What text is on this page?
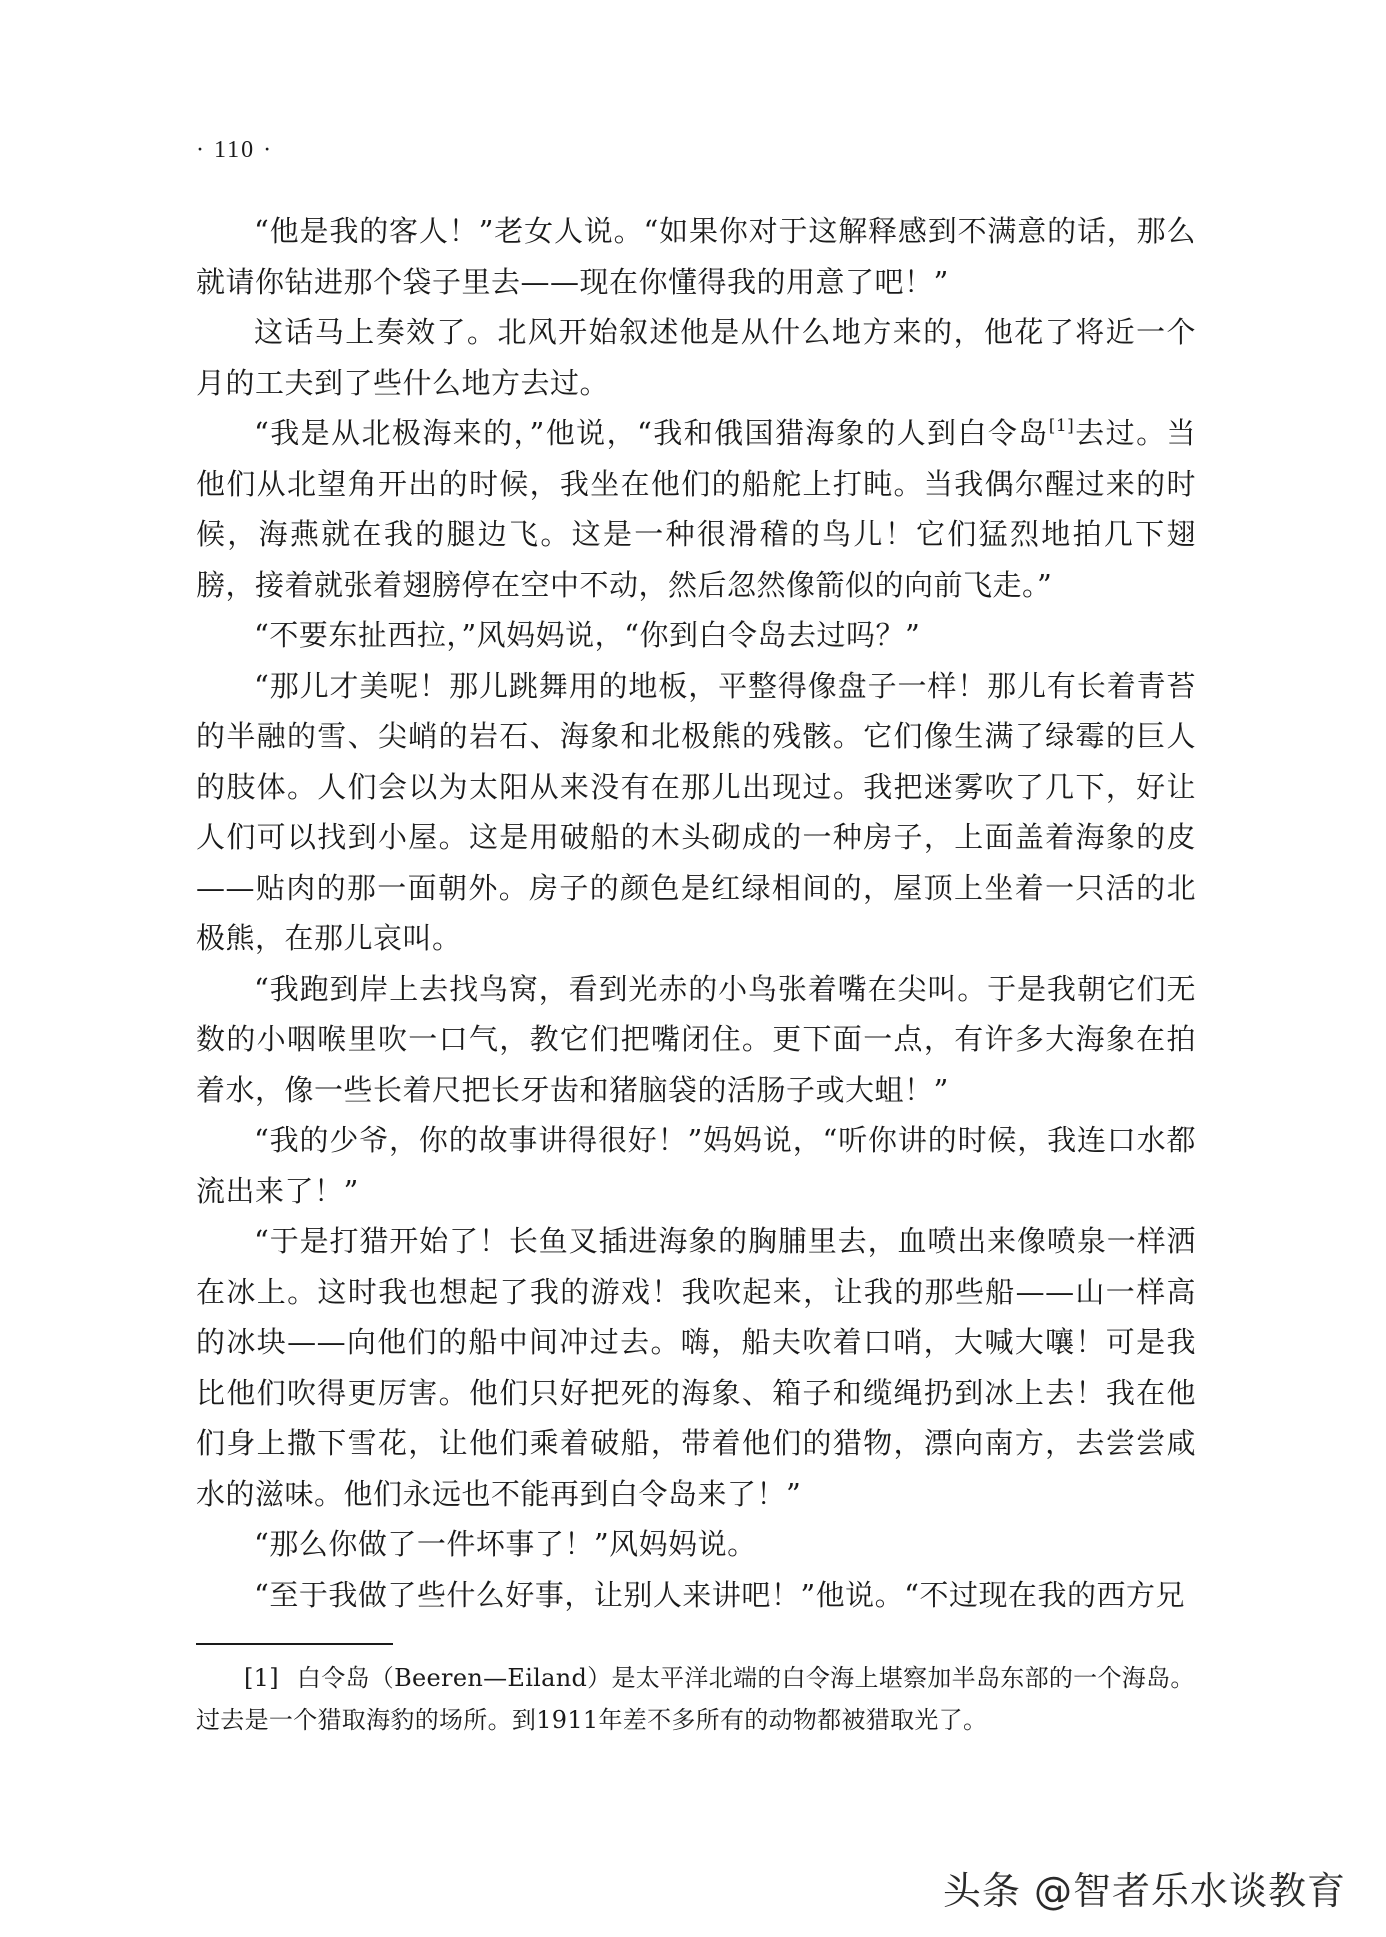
· 110 ·

“他是我的客人！”老女人说。“如果你对于这解释感到不满意的话，那么就请你钻进那个袋子里去——现在你懂得我的用意了吧！”

这话马上奏效了。北风开始叙述他是从什么地方来的，他花了将近一个月的工夫到了些什么地方去过。

“我是从北极海来的，”他说，“我和俄国猎海象的人到白令岛[1]去过。当他们从北望角开出的时候，我坐在他们的船舵上打盹。当我偶尔醒过来的时候，海燕就在我的腿边飞。这是一种很滑稽的鸟儿！它们猛烈地拍几下翅膀，接着就张着翅膀停在空中不动，然后忽然像箭似的向前飞走。”

“不要东扯西拉，”风妈妈说，“你到白令岛去过吗？”

“那儿才美呢！那儿跳舞用的地板，平整得像盘子一样！那儿有长着青苔的半融的雪、尖峭的岩石、海象和北极熊的残骸。它们像生满了绿霉的巨人的肢体。人们会以为太阳从来没有在那儿出现过。我把迷雾吹了几下，好让人们可以找到小屋。这是用破船的木头砌成的一种房子，上面盖着海象的皮——贴肉的那一面朝外。房子的颜色是红绿相间的，屋顶上坐着一只活的北极熊，在那儿哀叫。

“我跑到岸上去找鸟窝，看到光赤的小鸟张着嘴在尖叫。于是我朝它们无数的小咽喉里吹一口气，教它们把嘴闭住。更下面一点，有许多大海象在拍着水，像一些长着尺把长牙齿和猪脑袋的活肠子或大蛆！”

“我的少爷，你的故事讲得很好！”妈妈说，“听你讲的时候，我连口水都流出来了！”

“于是打猎开始了！长鱼叉插进海象的胸脯里去，血喷出来像喷泉一样洒在冰上。这时我也想起了我的游戏！我吹起来，让我的那些船——山一样高的冰块——向他们的船中间冲过去。嗨，船夫吹着口哨，大喊大嚷！可是我比他们吹得更厉害。他们只好把死的海象、箱子和缆绳扔到冰上去！我在他们身上撒下雪花，让他们乘着破船，带着他们的猎物，漂向南方，去尝尝咸水的滋味。他们永远也不能再到白令岛来了！”

“那么你做了一件坏事了！”风妈妈说。

“至于我做了些什么好事，让别人来讲吧！”他说。“不过现在我的西方兄

[1] 白令岛（Beeren—Eiland）是太平洋北端的白令海上堪察加半岛东部的一个海岛。过去是一个猎取海豹的场所。到1911年差不多所有的动物都被猎取光了。

头条 @智者乐水谈教育
